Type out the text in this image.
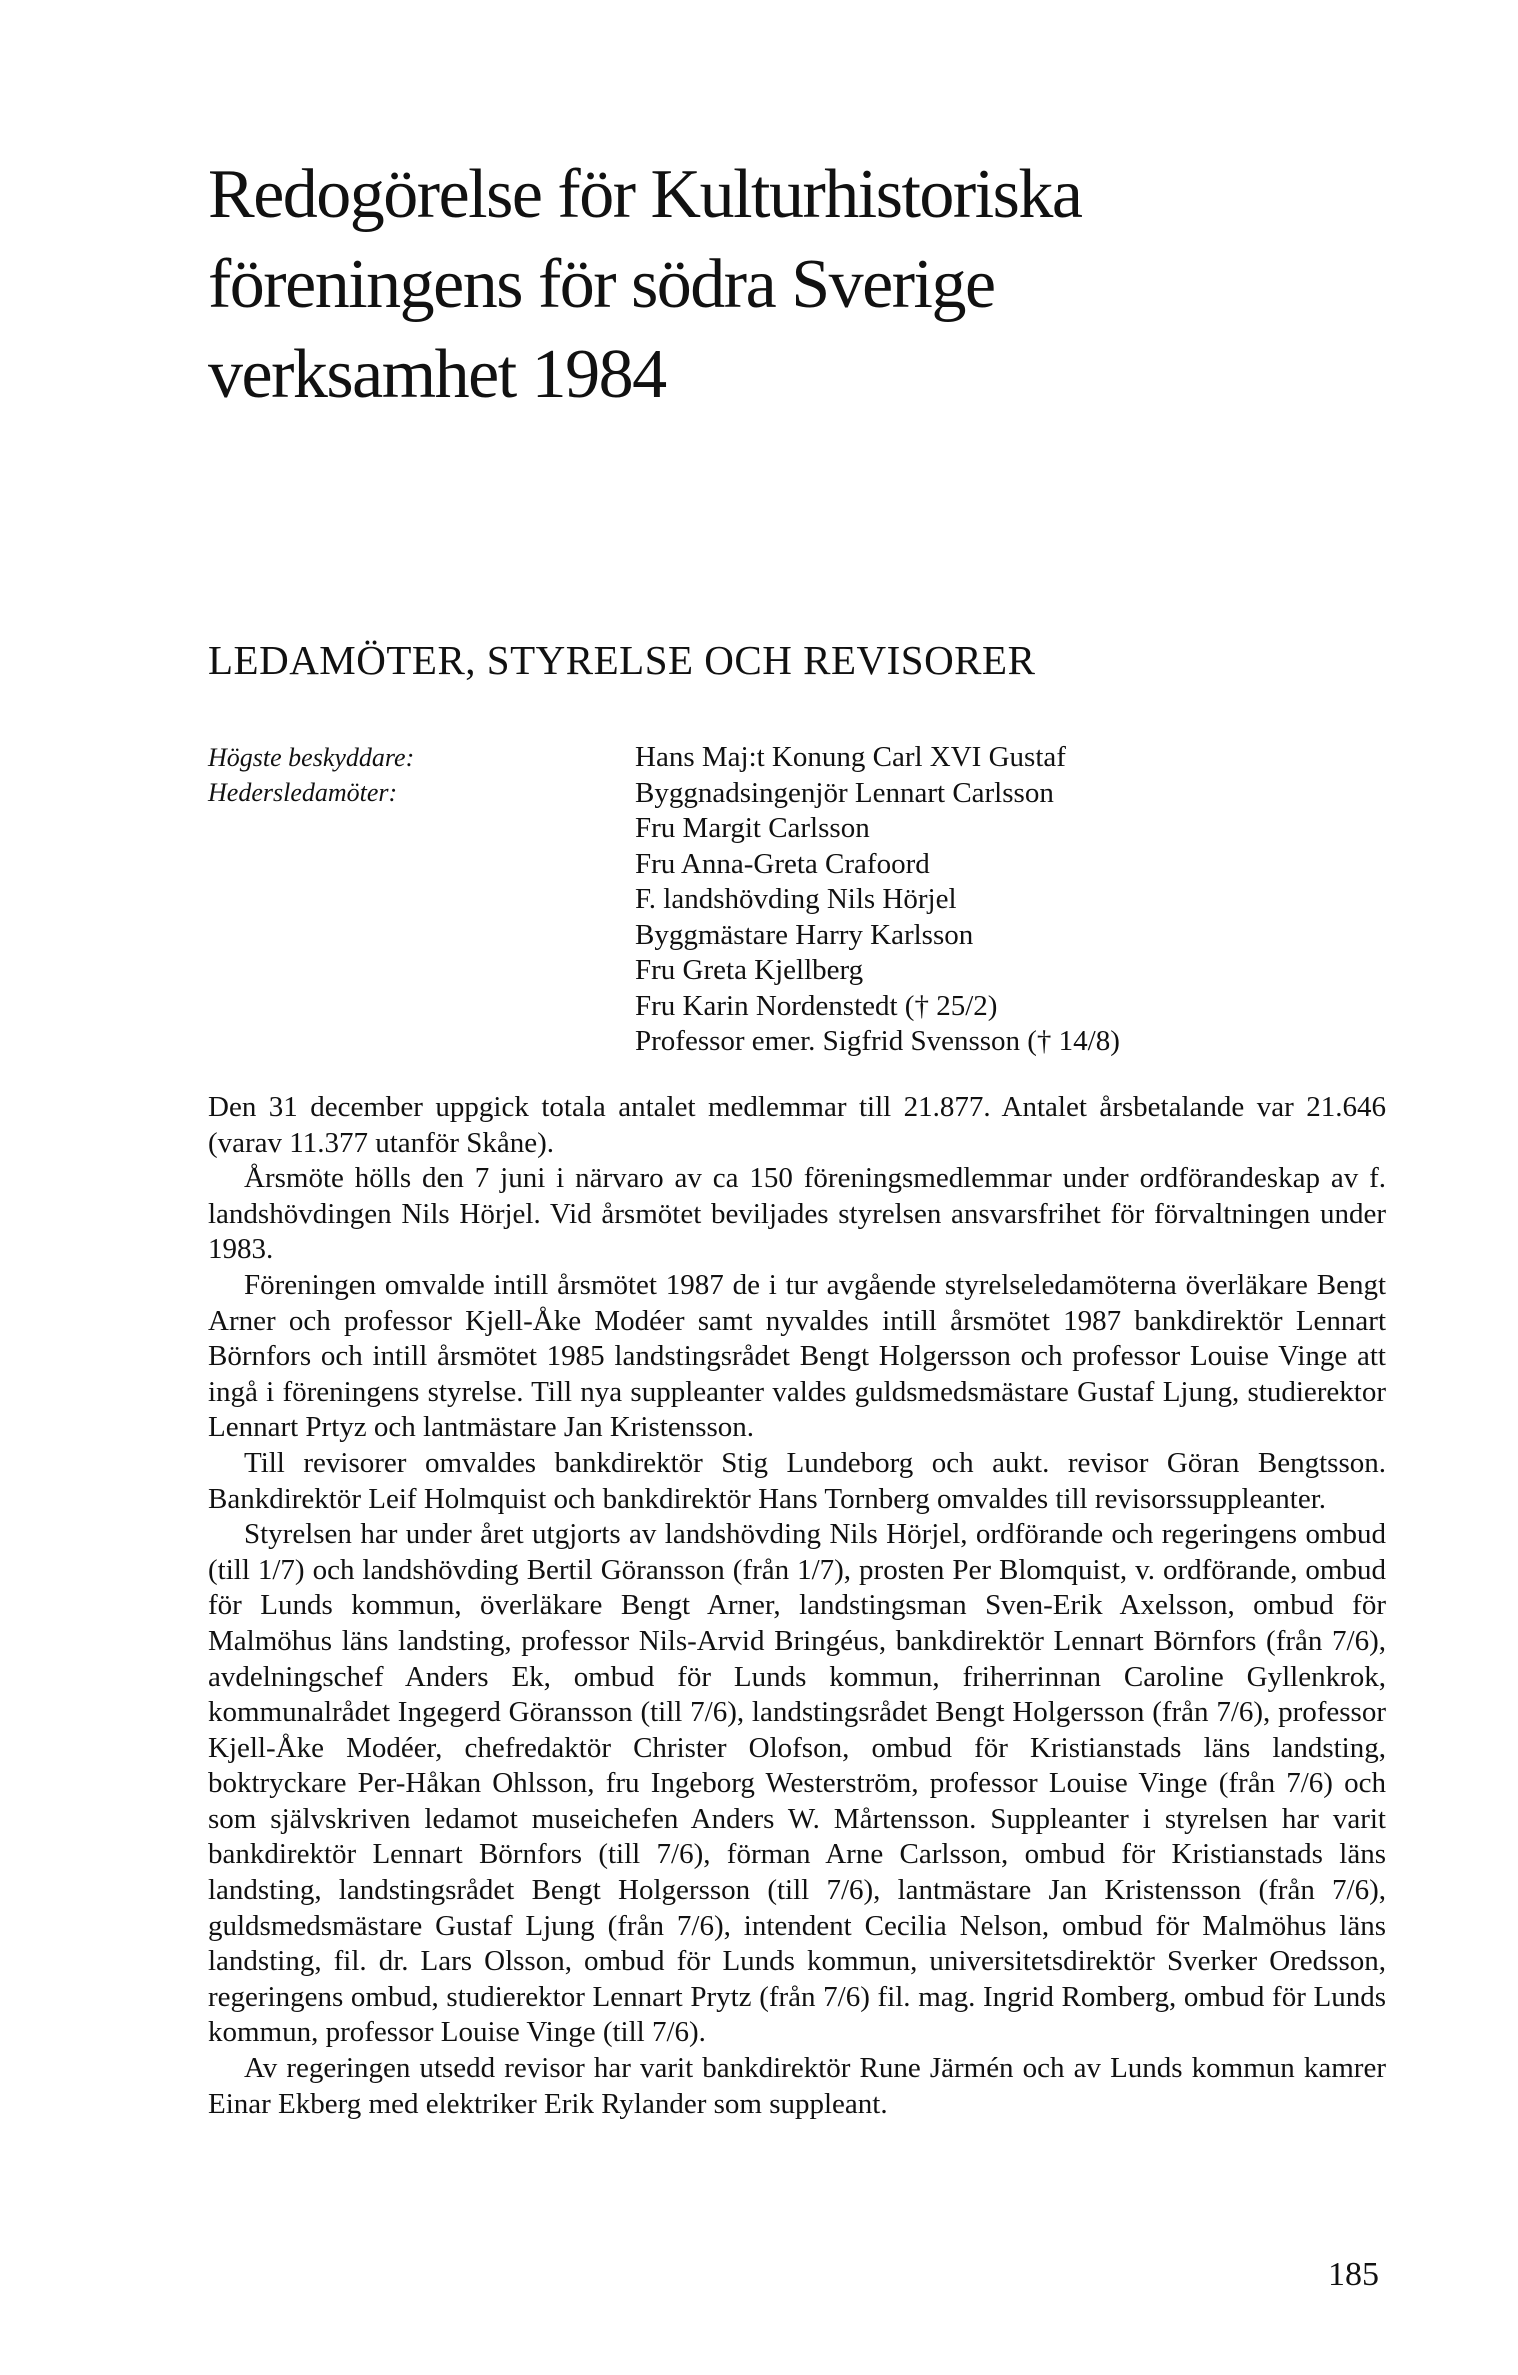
Redogörelse för Kulturhistoriska
föreningens för södra Sverige
verksamhet 1984
LEDAMÖTER, STYRELSE OCH REVISORER
Högste beskyddare:
Hedersledamöter:
Hans Maj:t Konung Carl XVI Gustaf
Byggnadsingenjör Lennart Carlsson
Fru Margit Carlsson
Fru Anna-Greta Crafoord
F. landshövding Nils Hörjel
Byggmästare Harry Karlsson
Fru Greta Kjellberg
Fru Karin Nordenstedt († 25/2)
Professor emer. Sigfrid Svensson († 14/8)

Den 31 december uppgick totala antalet medlemmar till 21.877. Antalet årsbetalande var 21.646 (varav 11.377 utanför Skåne).

Årsmöte hölls den 7 juni i närvaro av ca 150 föreningsmedlemmar under ordförandeskap av f. landshövdingen Nils Hörjel. Vid årsmötet beviljades styrelsen ansvarsfrihet för förvaltningen under 1983.

Föreningen omvalde intill årsmötet 1987 de i tur avgående styrelseledamöterna överläkare Bengt Arner och professor Kjell-Åke Modéer samt nyvaldes intill årsmötet 1987 bankdirektör Lennart Börnfors och intill årsmötet 1985 landstingsrådet Bengt Holgersson och professor Louise Vinge att ingå i föreningens styrelse. Till nya suppleanter valdes guldsmedsmästare Gustaf Ljung, studierektor Lennart Prtyz och lantmästare Jan Kristensson.

Till revisorer omvaldes bankdirektör Stig Lundeborg och aukt. revisor Göran Bengtsson. Bankdirektör Leif Holmquist och bankdirektör Hans Tornberg omvaldes till revisorssuppleanter.

Styrelsen har under året utgjorts av landshövding Nils Hörjel, ordförande och regeringens ombud (till 1/7) och landshövding Bertil Göransson (från 1/7), prosten Per Blomquist, v. ordförande, ombud för Lunds kommun, överläkare Bengt Arner, landstingsman Sven-Erik Axelsson, ombud för Malmöhus läns landsting, professor Nils-Arvid Bringéus, bankdirektör Lennart Börnfors (från 7/6), avdelningschef Anders Ek, ombud för Lunds kommun, friherrinnan Caroline Gyllenkrok, kommunalrådet Ingegerd Göransson (till 7/6), landstingsrådet Bengt Holgersson (från 7/6), professor Kjell-Åke Modéer, chefredaktör Christer Olofson, ombud för Kristianstads läns landsting, boktryckare Per-Håkan Ohlsson, fru Ingeborg Westerström, professor Louise Vinge (från 7/6) och som självskriven ledamot museichefen Anders W. Mårtensson. Suppleanter i styrelsen har varit bankdirektör Lennart Börnfors (till 7/6), förman Arne Carlsson, ombud för Kristianstads läns landsting, landstingsrådet Bengt Holgersson (till 7/6), lantmästare Jan Kristensson (från 7/6), guldsmedsmästare Gustaf Ljung (från 7/6), intendent Cecilia Nelson, ombud för Malmöhus läns landsting, fil. dr. Lars Olsson, ombud för Lunds kommun, universitetsdirektör Sverker Oredsson, regeringens ombud, studierektor Lennart Prytz (från 7/6) fil. mag. Ingrid Romberg, ombud för Lunds kommun, professor Louise Vinge (till 7/6).

Av regeringen utsedd revisor har varit bankdirektör Rune Järmén och av Lunds kommun kamrer Einar Ekberg med elektriker Erik Rylander som suppleant.

185
